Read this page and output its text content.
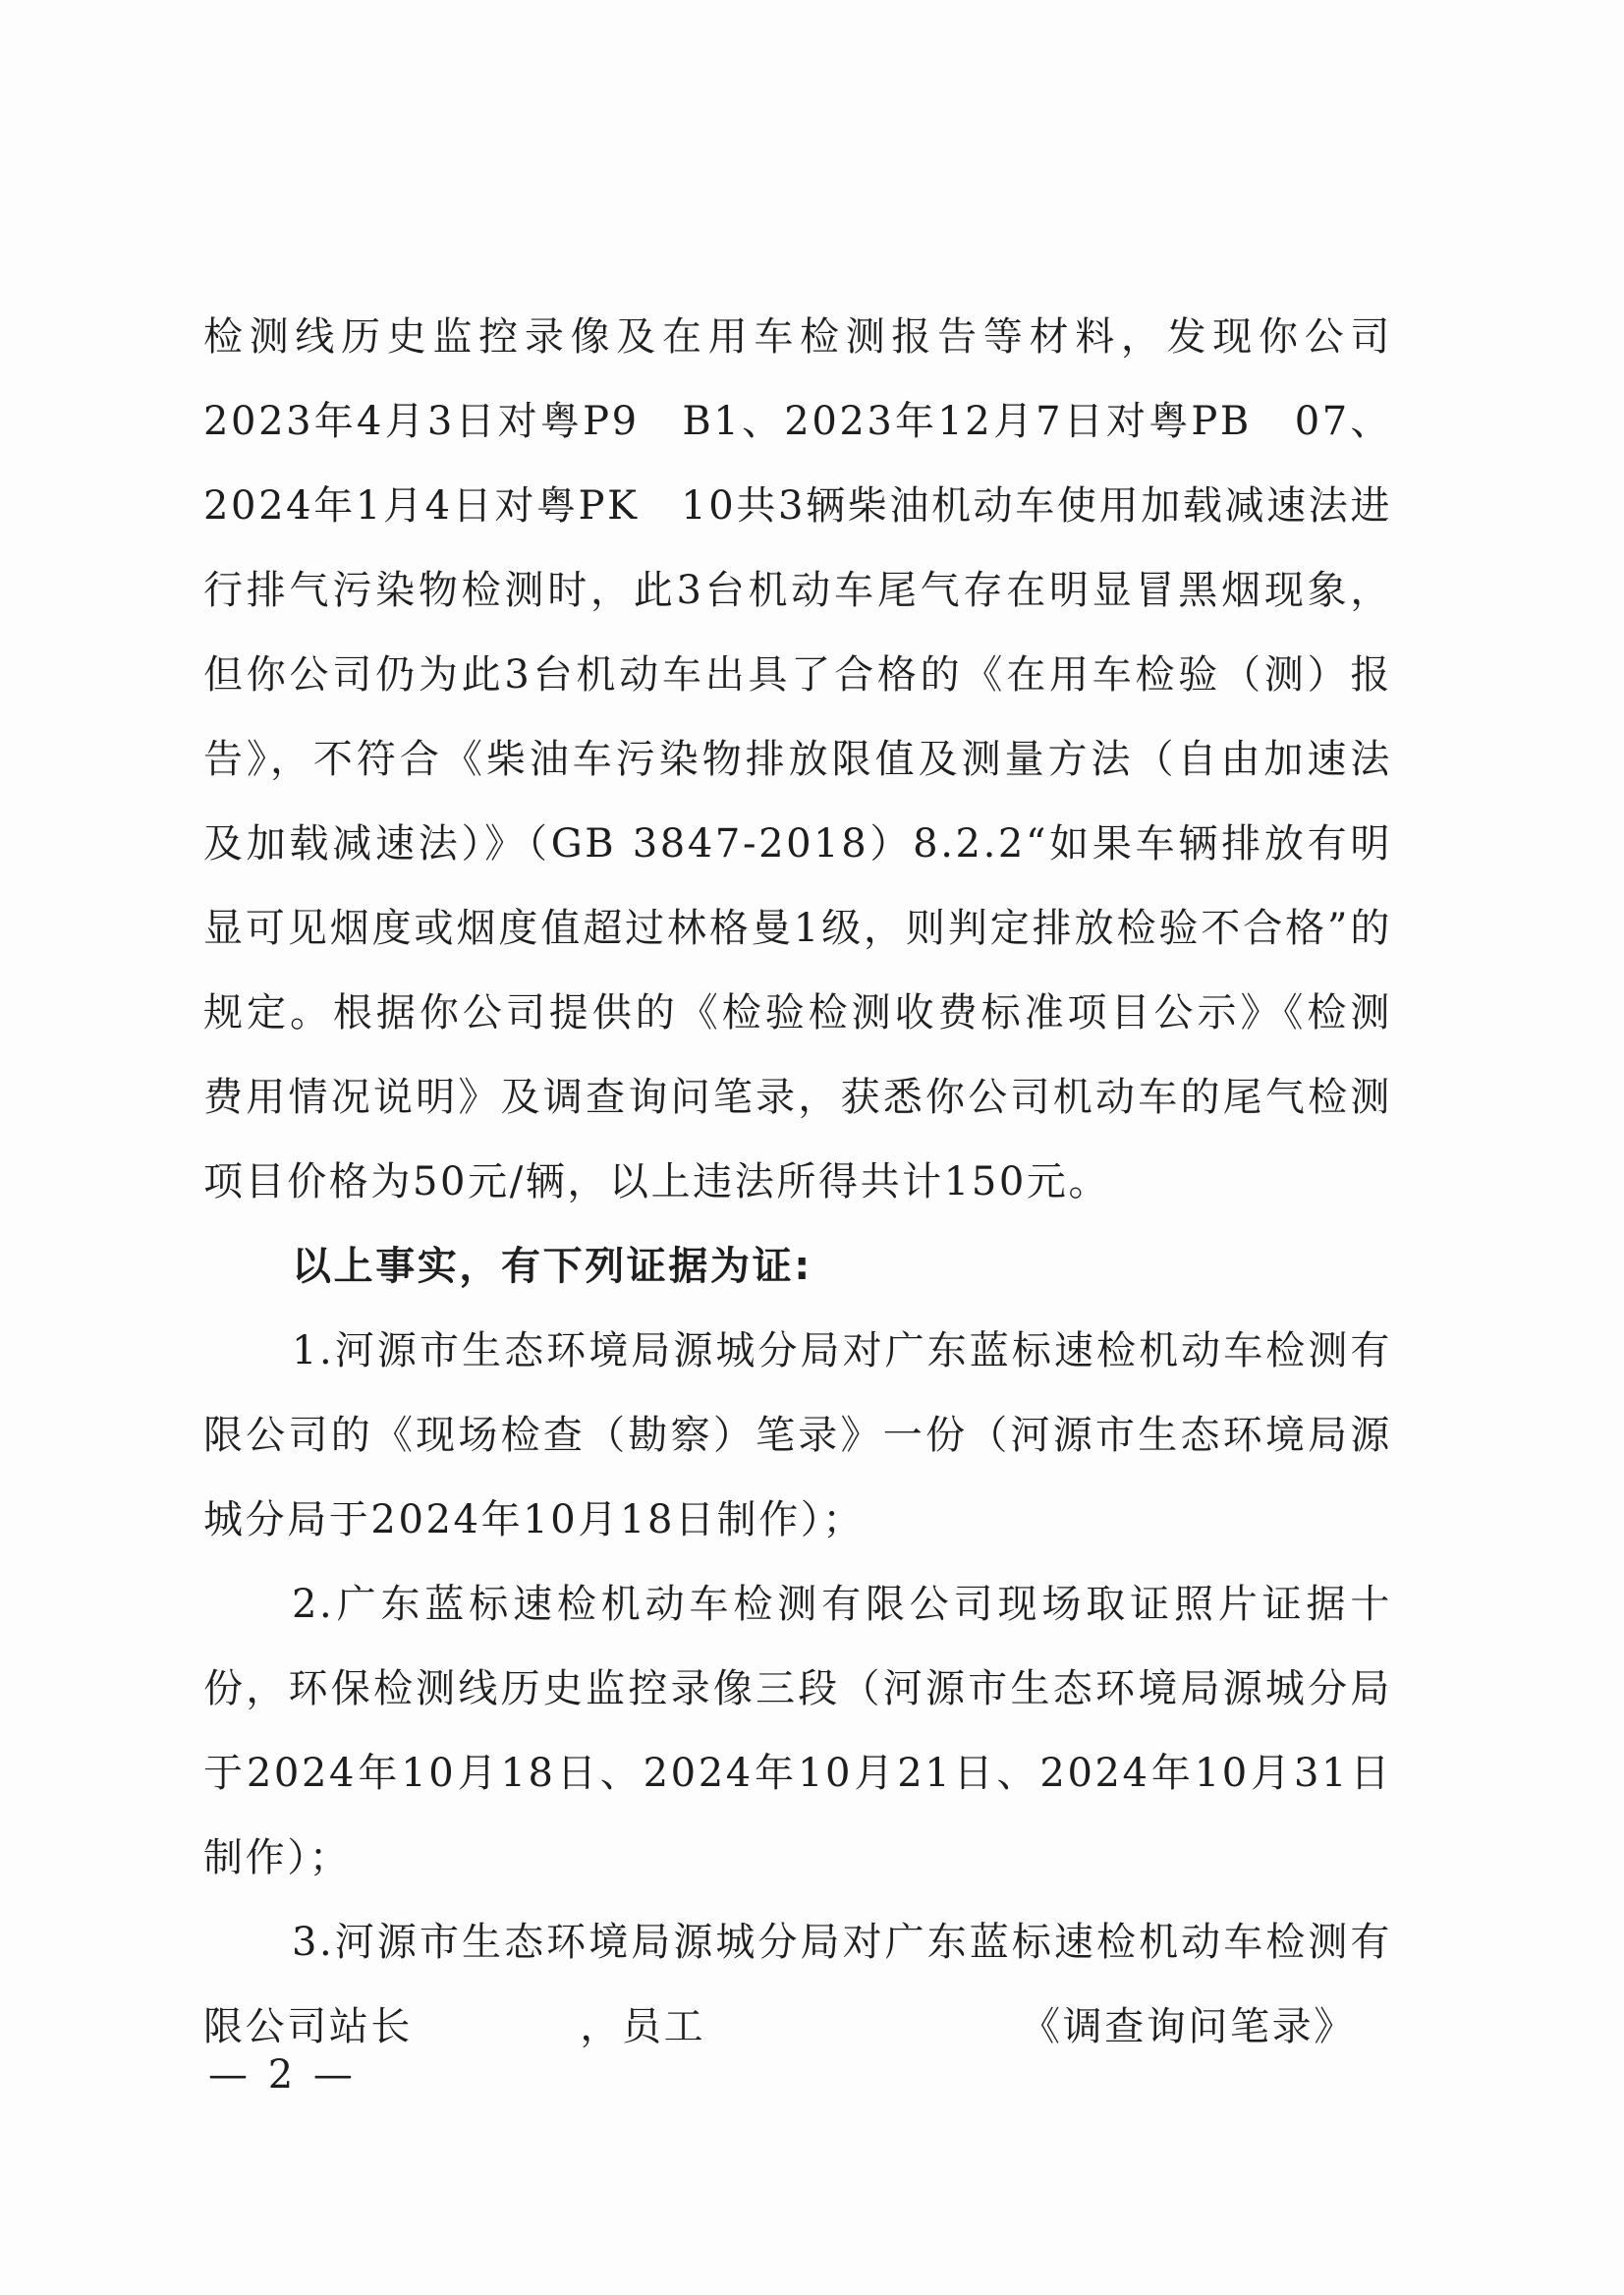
检测线历史监控录像及在用车检测报告等材料，发现你公司2023年4月3日对粤P9　B1、2023年12月7日对粤PB　07、2024年1月4日对粤PK　10共3辆柴油机动车使用加载减速法进行排气污染物检测时，此3台机动车尾气存在明显冒黑烟现象，但你公司仍为此3台机动车出具了合格的《在用车检验（测）报告》，不符合《柴油车污染物排放限值及测量方法（自由加速法及加载减速法）》（GB 3847-2018）8.2.2“如果车辆排放有明显可见烟度或烟度值超过林格曼1级，则判定排放检验不合格”的规定。根据你公司提供的《检验检测收费标准项目公示》《检测费用情况说明》及调查询问笔录，获悉你公司机动车的尾气检测项目价格为50元/辆，以上违法所得共计150元。

以上事实，有下列证据为证:

1.河源市生态环境局源城分局对广东蓝标速检机动车检测有限公司的《现场检查（勘察）笔录》一份（河源市生态环境局源城分局于2024年10月18日制作）；

2.广东蓝标速检机动车检测有限公司现场取证照片证据十份，环保检测线历史监控录像三段（河源市生态环境局源城分局于2024年10月18日、2024年10月21日、2024年10月31日制作）；

3.河源市生态环境局源城分局对广东蓝标速检机动车检测有限公司站长　　　　，员工　　　　　　　　《调查询问笔录》

— 2 —
